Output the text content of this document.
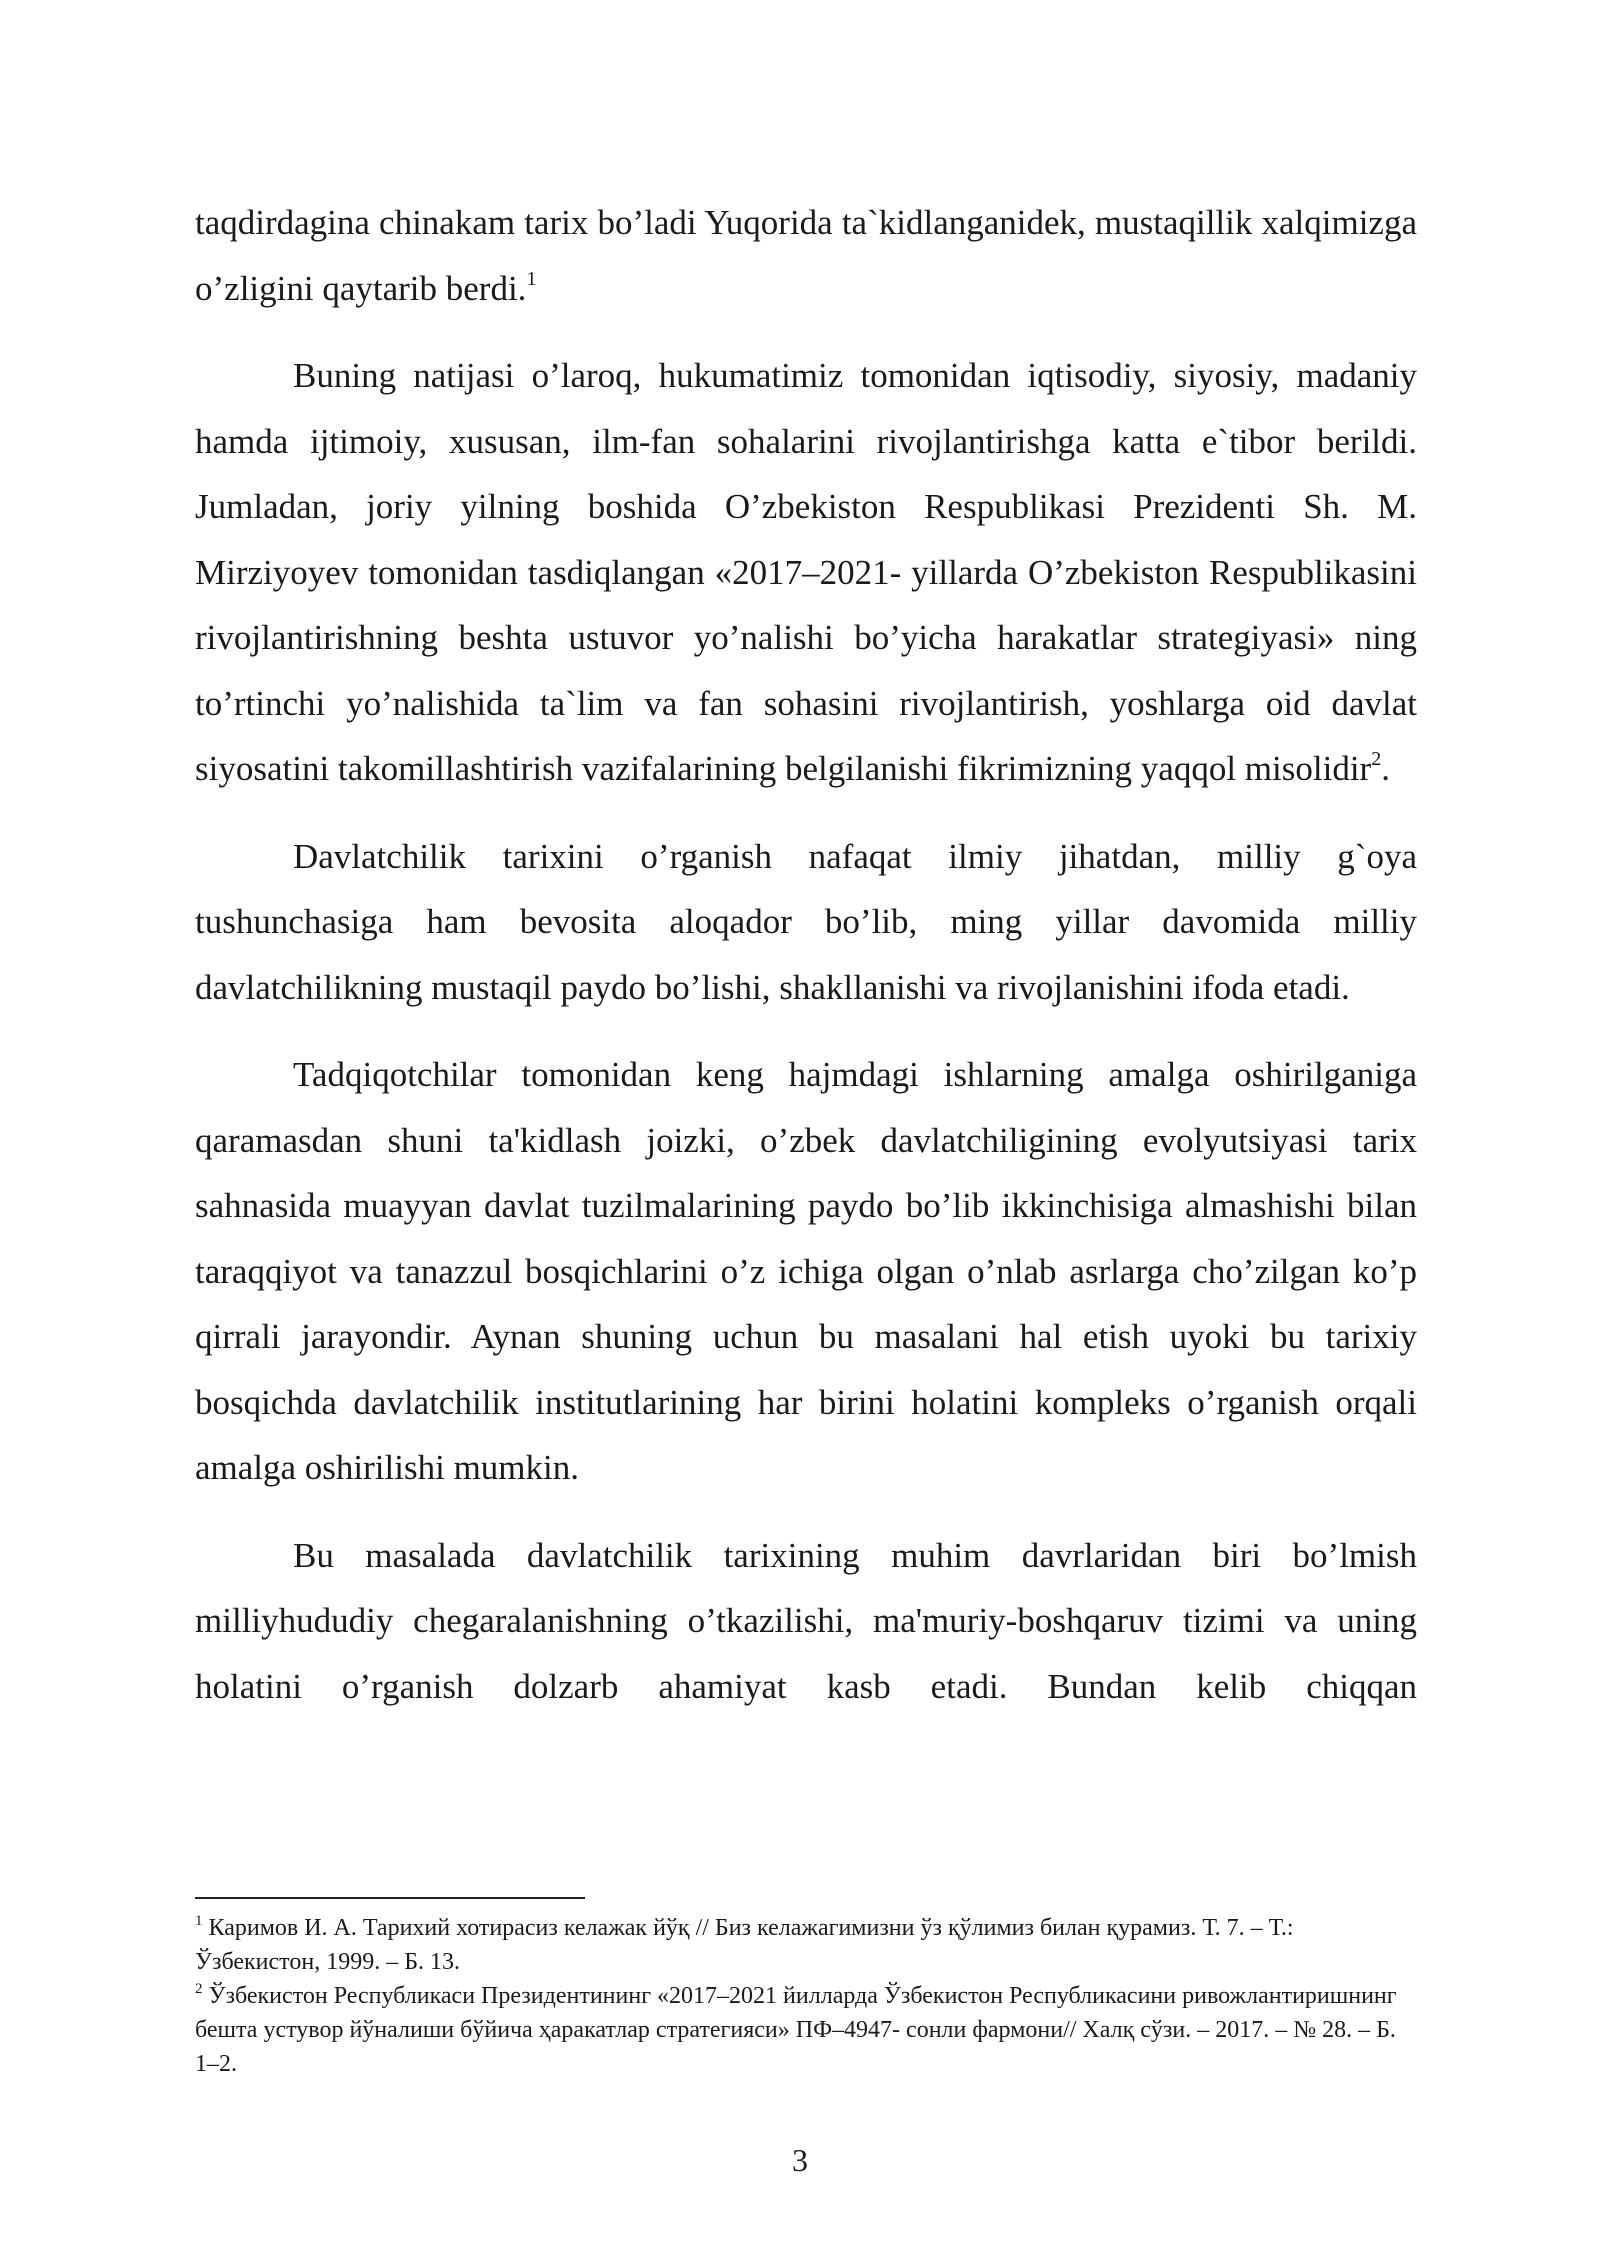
taqdirdagina chinakam tarix bo’ladi Yuqorida ta`kidlanganidek, mustaqillik xalqimizga o’zligini qaytarib berdi.$^1$

Buning natijasi o’laroq, hukumatimiz tomonidan iqtisodiy, siyosiy, madaniy hamda ijtimoiy, xususan, ilm-fan sohalarini rivojlantirishga katta e`tibor berildi. Jumladan, joriy yilning boshida O’zbekiston Respublikasi Prezidenti Sh. M. Mirziyoyev tomonidan tasdiqlangan «2017–2021- yillarda O’zbekiston Respublikasini rivojlantirishning beshta ustuvor yo’nalishi bo’yicha harakatlar strategiyasi» ning to’rtinchi yo’nalishida ta`lim va fan sohasini rivojlantirish, yoshlarga oid davlat siyosatini takomillashtirish vazifalarining belgilanishi fikrimizning yaqqol misolidir$^2$.

Davlatchilik tarixini o’rganish nafaqat ilmiy jihatdan, milliy g`oya tushunchasiga ham bevosita aloqador bo’lib, ming yillar davomida milliy davlatchilikning mustaqil paydo bo’lishi, shakllanishi va rivojlanishini ifoda etadi.

Tadqiqotchilar tomonidan keng hajmdagi ishlarning amalga oshirilganiga qaramasdan shuni ta'kidlash joizki, o’zbek davlatchiligining evolyutsiyasi tarix sahnasida muayyan davlat tuzilmalarining paydo bo’lib ikkinchisiga almashishi bilan taraqqiyot va tanazzul bosqichlarini o’z ichiga olgan o’nlab asrlarga cho’zilgan ko’p qirrali jarayondir. Aynan shuning uchun bu masalani hal etish uyoki bu tarixiy bosqichda davlatchilik institutlarining har birini holatini kompleks o’rganish orqali amalga oshirilishi mumkin.

Bu masalada davlatchilik tarixining muhim davrlaridan biri bo’lmish milliyhududiy chegaralanishning o’tkazilishi, ma'muriy-boshqaruv tizimi va uning holatini o’rganish dolzarb ahamiyat kasb etadi. Bundan kelib chiqqan

$^1$ Каримов И. А. Тарихий хотирасиз келажак йўқ // Биз келажагимизни ўз қўлимиз билан қурамиз. Т. 7. – Т.: Ўзбекистон, 1999. – Б. 13.

$^2$ Ўзбекистон Республикаси Президентининг «2017–2021 йилларда Ўзбекистон Республикасини ривожлантиришнинг бешта устувор йўналиши бўйича ҳаракатлар стратегияси» ПФ–4947- сонли фармони// Халқ сўзи. – 2017. – № 28. – Б. 1–2.

3
